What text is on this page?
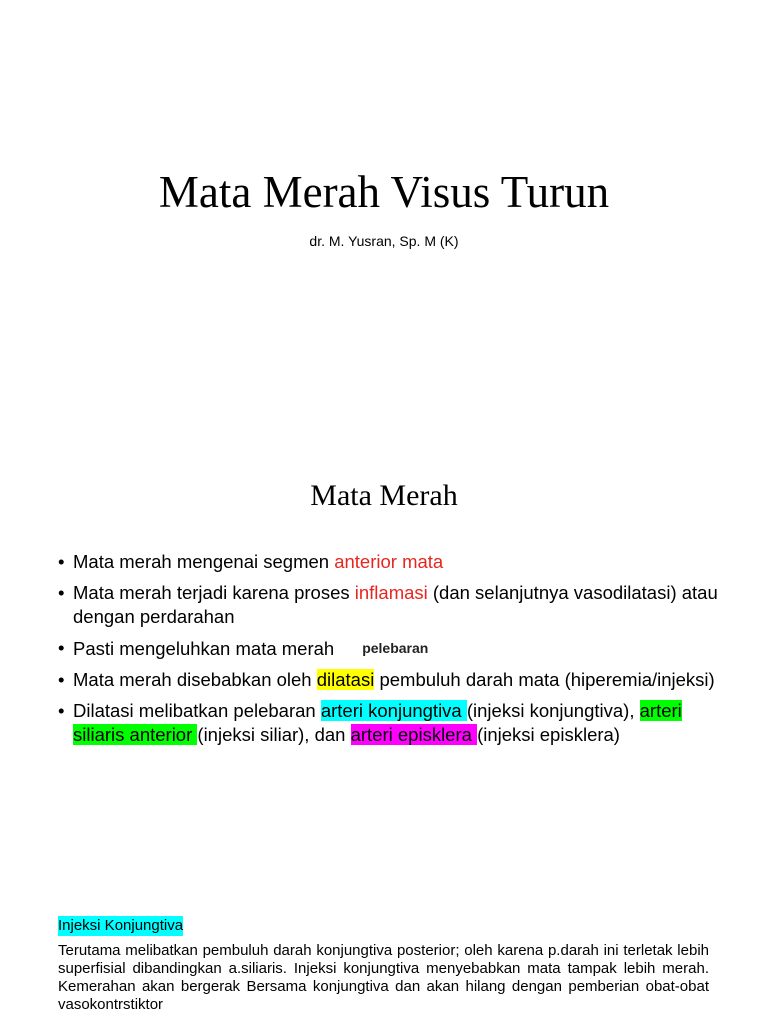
Mata Merah Visus Turun
dr. M. Yusran, Sp. M (K)
Mata Merah
• Mata merah mengenai segmen anterior mata
• Mata merah terjadi karena proses inflamasi (dan selanjutnya vasodilatasi) atau dengan perdarahan
• Pasti mengeluhkan mata merah pelebaran
• Mata merah disebabkan oleh dilatasi pembuluh darah mata (hiperemia/injeksi)
• Dilatasi melibatkan pelebaran arteri konjungtiva (injeksi konjungtiva), arteri siliaris anterior (injeksi siliar), dan arteri episklera (injeksi episklera)
Injeksi Konjungtiva
Terutama melibatkan pembuluh darah konjungtiva posterior; oleh karena p.darah ini terletak lebih superfisial dibandingkan a.siliaris. Injeksi konjungtiva menyebabkan mata tampak lebih merah. Kemerahan akan bergerak Bersama konjungtiva dan akan hilang dengan pemberian obat-obat vasokontrstiktor
